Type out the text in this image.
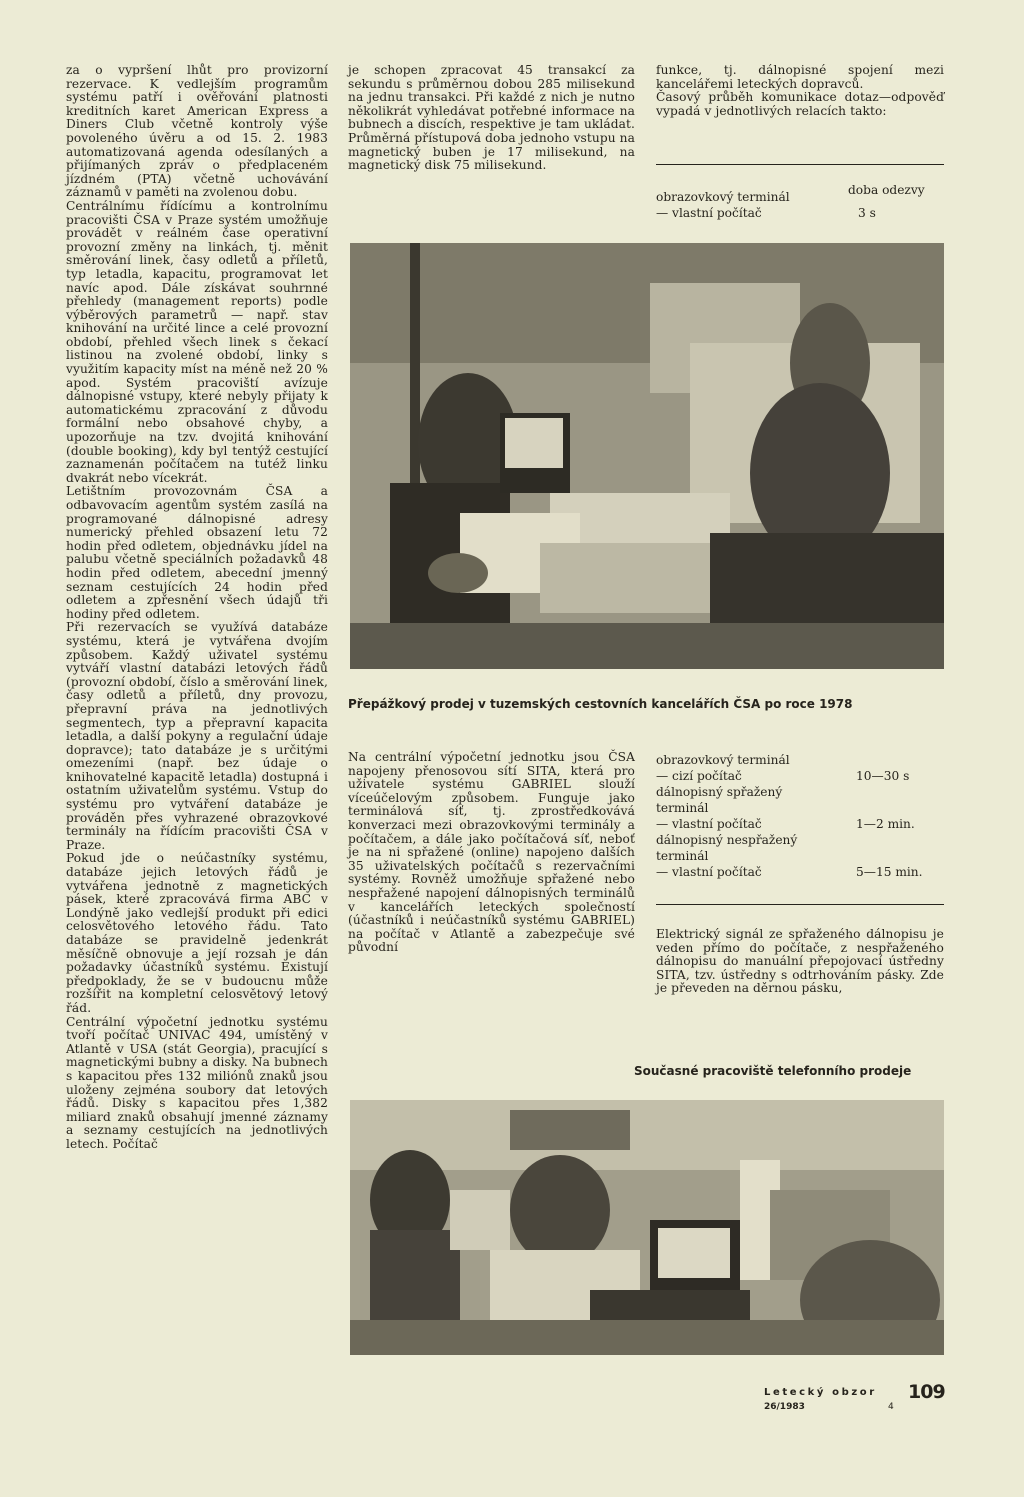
za o vypršení lhůt pro provizorní rezervace. K vedlejším programům systému patří i ověřování platnosti kreditních karet American Express a Diners Club včetně kontroly výše povoleného úvěru a od 15. 2. 1983 automatizovaná agenda odesílaných a přijímaných zpráv o předplaceném jízdném (PTA) včetně uchovávání záznamů v paměti na zvolenou dobu.
Centrálnímu řídícímu a kontrolnímu pracovišti ČSA v Praze systém umožňuje provádět v reálném čase operativní provozní změny na linkách, tj. měnit směrování linek, časy odletů a příletů, typ letadla, kapacitu, programovat let navíc apod. Dále získávat souhrnné přehledy (management reports) podle výběrových parametrů — např. stav knihování na určité lince a celé provozní období, přehled všech linek s čekací listinou na zvolené období, linky s využitím kapacity míst na méně než 20 % apod. Systém pracoviští avízuje dálnopisné vstupy, které nebyly přijaty k automatickému zpracování z důvodu formální nebo obsahové chyby, a upozorňuje na tzv. dvojitá knihování (double booking), kdy byl tentýž cestující zaznamenán počítačem na tutéž linku dvakrát nebo vícekrát.
Letištním provozovnám ČSA a odbavovacím agentům systém zasílá na programované dálnopisné adresy numerický přehled obsazení letu 72 hodin před odletem, objednávku jídel na palubu včetně speciálních požadavků 48 hodin před odletem, abecední jmenný seznam cestujících 24 hodin před odletem a zpřesnění všech údajů tři hodiny před odletem.
Při rezervacích se využívá databáze systému, která je vytvářena dvojím způsobem. Každý uživatel systému vytváří vlastní databázi letových řádů (provozní období, číslo a směrování linek, časy odletů a příletů, dny provozu, přepravní práva na jednotlivých segmentech, typ a přepravní kapacita letadla, a další pokyny a regulační údaje dopravce); tato databáze je s určitými omezeními (např. bez údaje o knihovatelné kapacitě letadla) dostupná i ostatním uživatelům systému. Vstup do systému pro vytváření databáze je prováděn přes vyhrazené obrazovkové terminály na řídícím pracovišti ČSA v Praze.
Pokud jde o neúčastníky systému, databáze jejich letových řádů je vytvářena jednotně z magnetických pásek, které zpracovává firma ABC v Londýně jako vedlejší produkt při edici celosvětového letového řádu. Tato databáze se pravidelně jedenkrát měsíčně obnovuje a její rozsah je dán požadavky účastníků systému. Existují předpoklady, že se v budoucnu může rozšířit na kompletní celosvětový letový řád.
Centrální výpočetní jednotku systému tvoří počítač UNIVAC 494, umístěný v Atlantě v USA (stát Georgia), pracující s magnetickými bubny a disky. Na bubnech s kapacitou přes 132 miliónů znaků jsou uloženy zejména soubory dat letových řádů. Disky s kapacitou přes 1,382 miliard znaků obsahují jmenné záznamy a seznamy cestujících na jednotlivých letech. Počítač
je schopen zpracovat 45 transakcí za sekundu s průměrnou dobou 285 milisekund na jednu transakci. Při každé z nich je nutno několikrát vyhledávat potřebné informace na bubnech a discích, respektive je tam ukládat. Průměrná přístupová doba jednoho vstupu na magnetický buben je 17 milisekund, na magnetický disk 75 milisekund.
funkce, tj. dálnopisné spojení mezi kancelářemi leteckých dopravců.
Časový průběh komunikace dotaz—odpověď vypadá v jednotlivých relacích takto:
doba odezvy
obrazovkový terminál
— vlastní počítač	3 s
Přepážkový prodej v tuzemských cestovních kancelářích ČSA po roce 1978
Na centrální výpočetní jednotku jsou ČSA napojeny přenosovou sítí SITA, která pro uživatele systému GABRIEL slouží víceúčelovým způsobem. Funguje jako terminálová síť, tj. zprostředkovává konverzaci mezi obrazovkovými terminály a počítačem, a dále jako počítačová síť, neboť je na ni spřažené (online) napojeno dalších 35 uživatelských počítačů s rezervačními systémy. Rovněž umožňuje spřažené nebo nespřažené napojení dálnopisných terminálů v kancelářích leteckých společností (účastníků i neúčastníků systému GABRIEL) na počítač v Atlantě a zabezpečuje své původní
obrazovkový terminál
— cizí počítač	10—30 s
dálnopisný spřažený
terminál
— vlastní počítač	1—2 min.
dálnopisný nespřažený
terminál
— vlastní počítač	5—15 min.
Elektrický signál ze spřaženého dálnopisu je veden přímo do počítače, z nespřaženého dálnopisu do manuální přepojovací ústředny SITA, tzv. ústředny s odtrhováním pásky. Zde je převeden na děrnou pásku,
Současné pracoviště telefonního prodeje
Letecký obzor
26/1983	4
109
